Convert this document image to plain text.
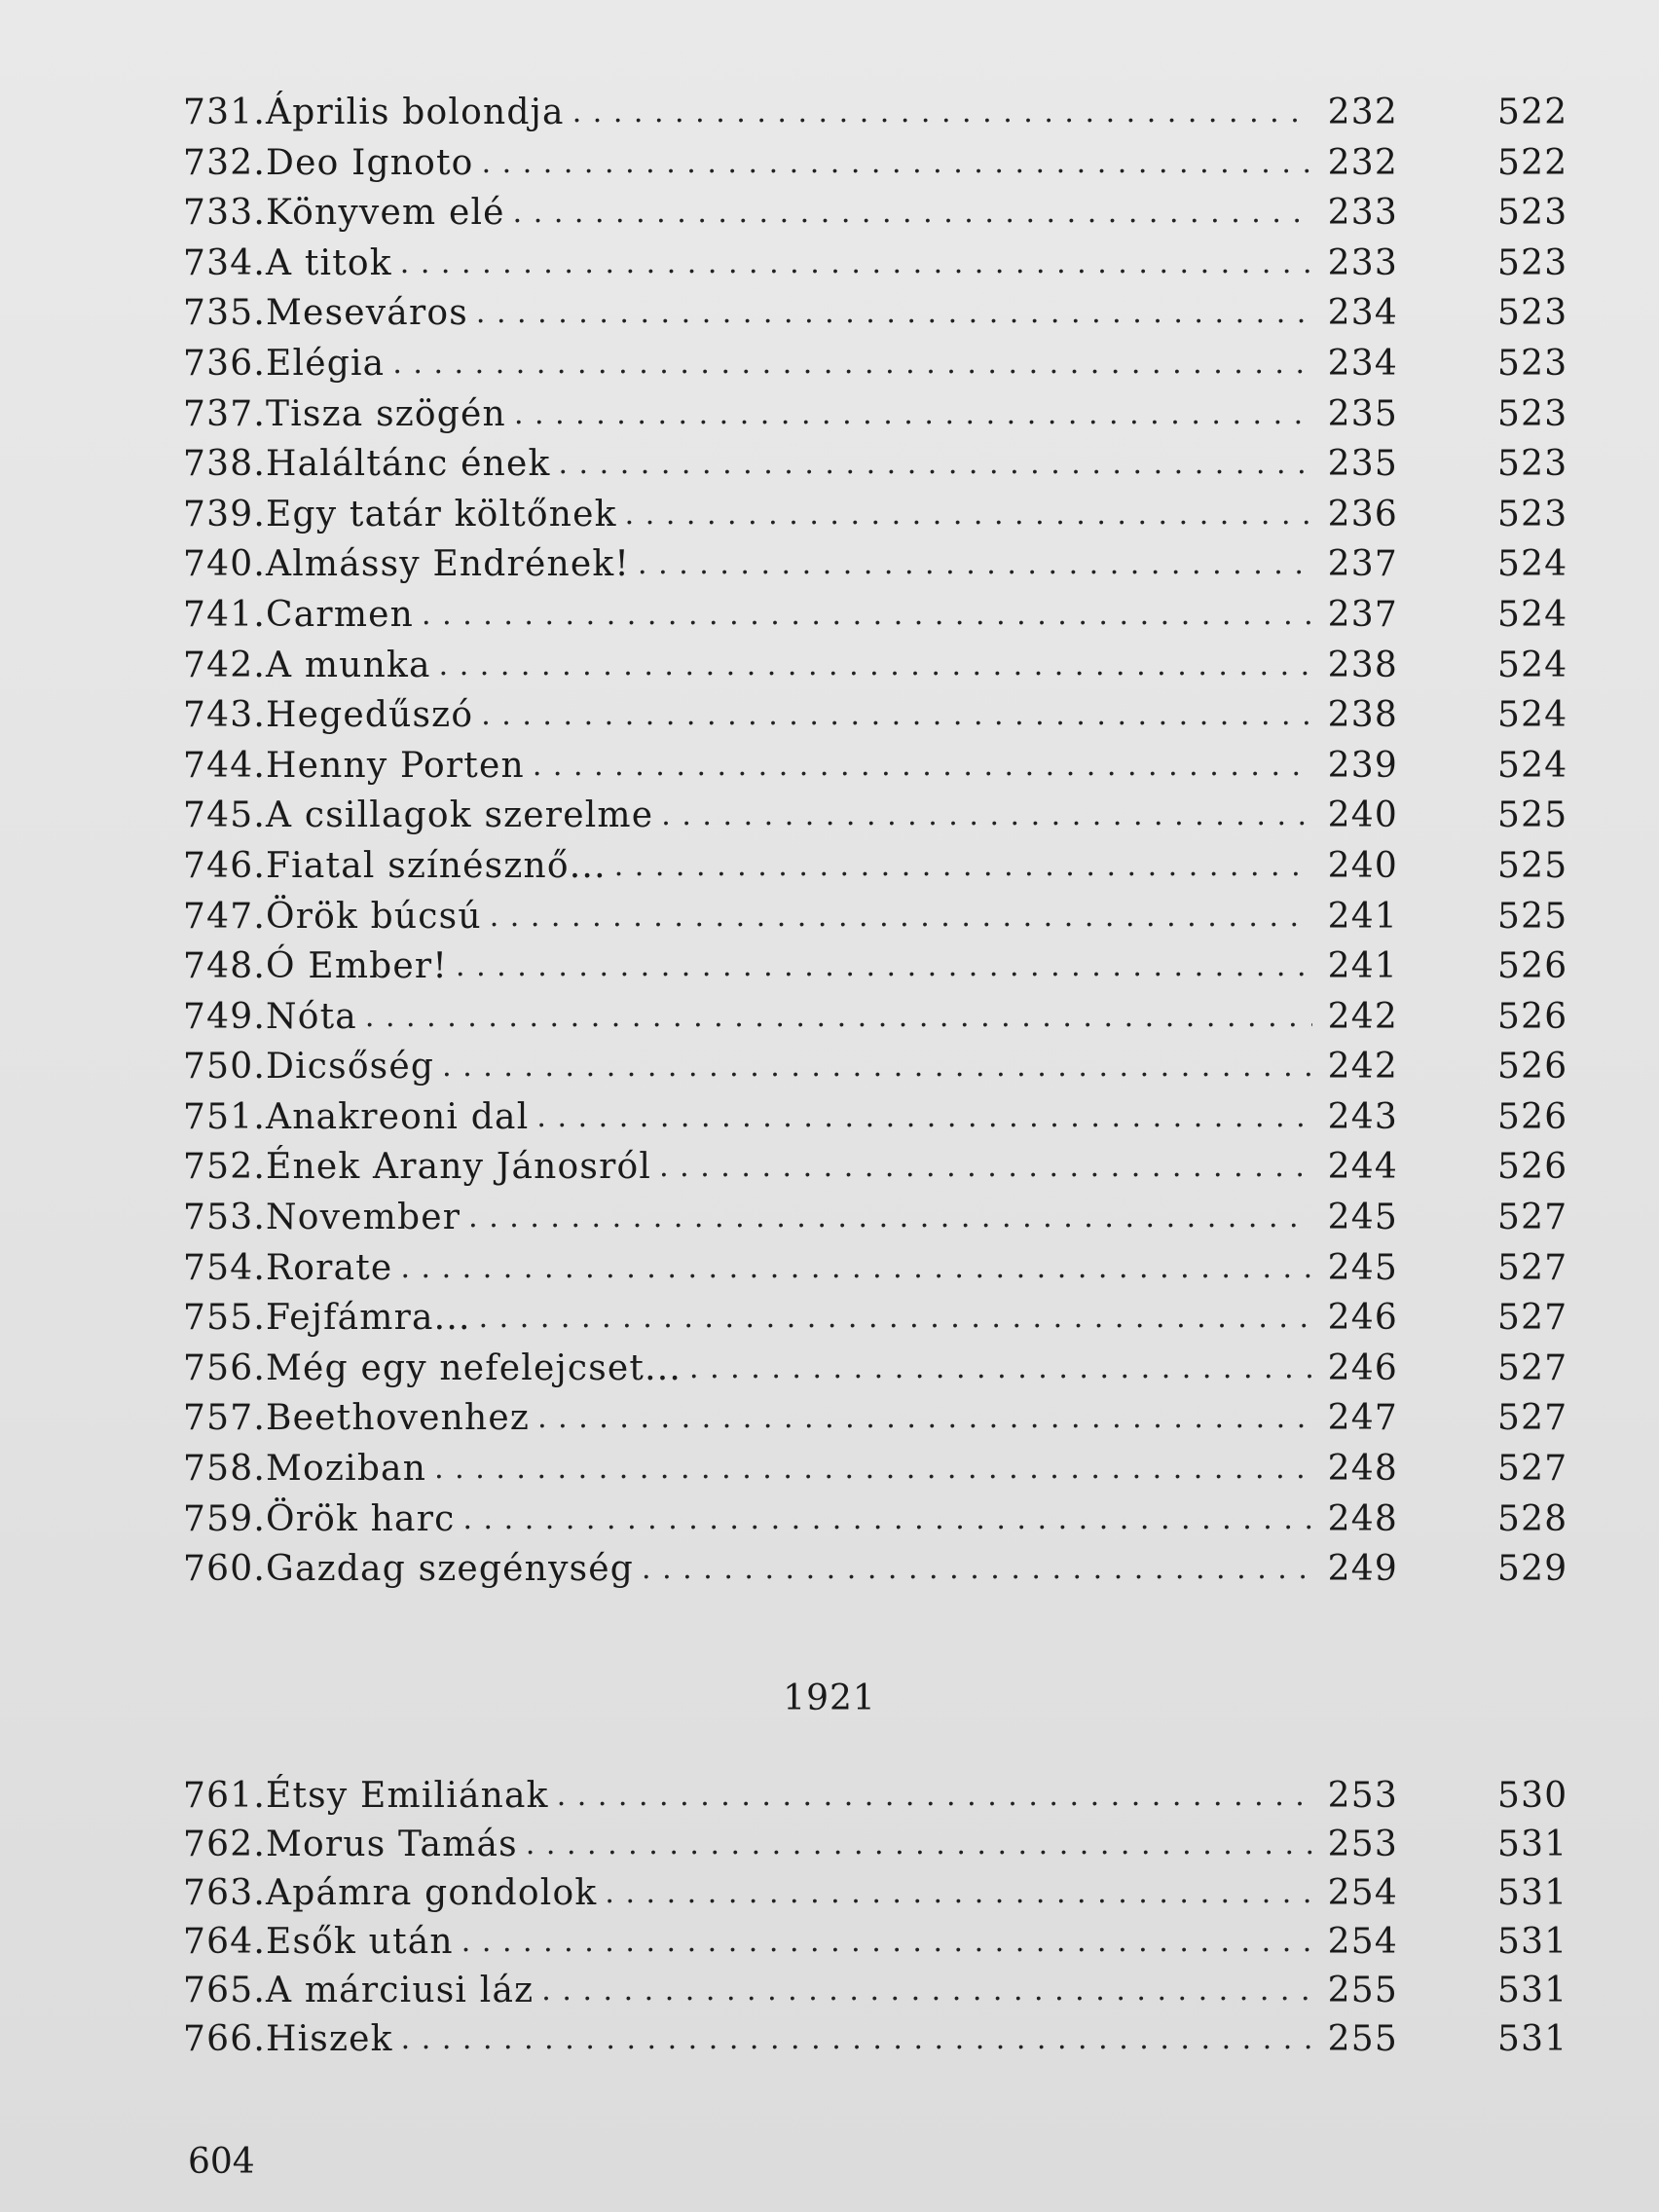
731. Április bolondja . . .	232	522
732. Deo Ignoto . . .	232	522
733. Könyvem elé . . .	233	523
734. A titok . . .	233	523
735. Meseváros . . .	234	523
736. Elégia . . .	234	523
737. Tisza szögén . . .	235	523
738. Haláltánc ének . . .	235	523
739. Egy tatár költőnek . . .	236	523
740. Almássy Endrének! . . .	237	524
741. Carmen . . .	237	524
742. A munka . . .	238	524
743. Hegedűszó . . .	238	524
744. Henny Porten . . .	239	524
745. A csillagok szerelme . . .	240	525
746. Fiatal színésznő... . . .	240	525
747. Örök búcsú . . .	241	525
748. Ó Ember! . . .	241	526
749. Nóta . . .	242	526
750. Dicsőség . . .	242	526
751. Anakreoni dal . . .	243	526
752. Ének Arany Jánosról . . .	244	526
753. November . . .	245	527
754. Rorate . . .	245	527
755. Fejfámra... . . .	246	527
756. Még egy nefelejcset... . . .	246	527
757. Beethovenhez . . .	247	527
758. Moziban . . .	248	527
759. Örök harc . . .	248	528
760. Gazdag szegénység . . .	249	529
1921
761. Étsy Emiliának . . .	253	530
762. Morus Tamás . . .	253	531
763. Apámra gondolok . . .	254	531
764. Esők után . . .	254	531
765. A márciusi láz . . .	255	531
766. Hiszek . . .	255	531
604
